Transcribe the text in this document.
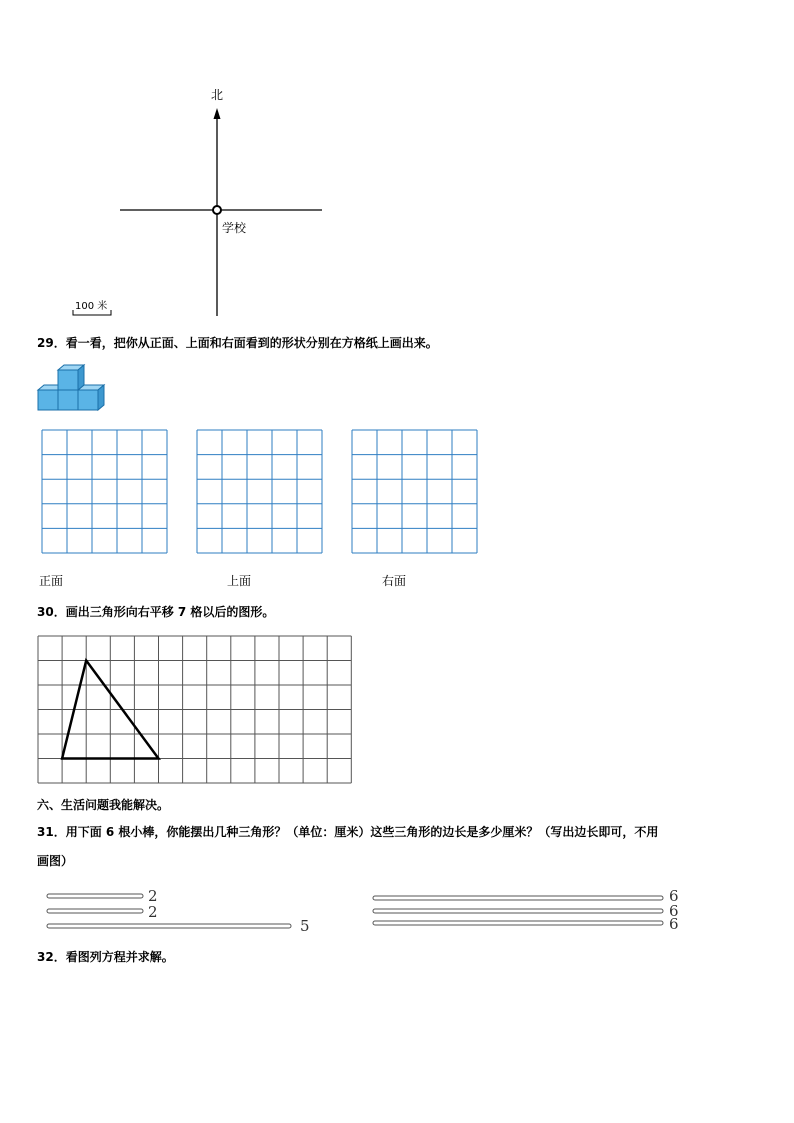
北
学校
100 米
29．看一看，把你从正面、上面和右面看到的形状分别在方格纸上画出来。
正面	上面	右面
30．画出三角形向右平移 7 格以后的图形。
六、生活问题我能解决。
31．用下面 6 根小棒，你能摆出几种三角形？（单位：厘米）这些三角形的边长是多少厘米？（写出边长即可，不用
画图）
2
2
5
6
6
6
32．看图列方程并求解。
